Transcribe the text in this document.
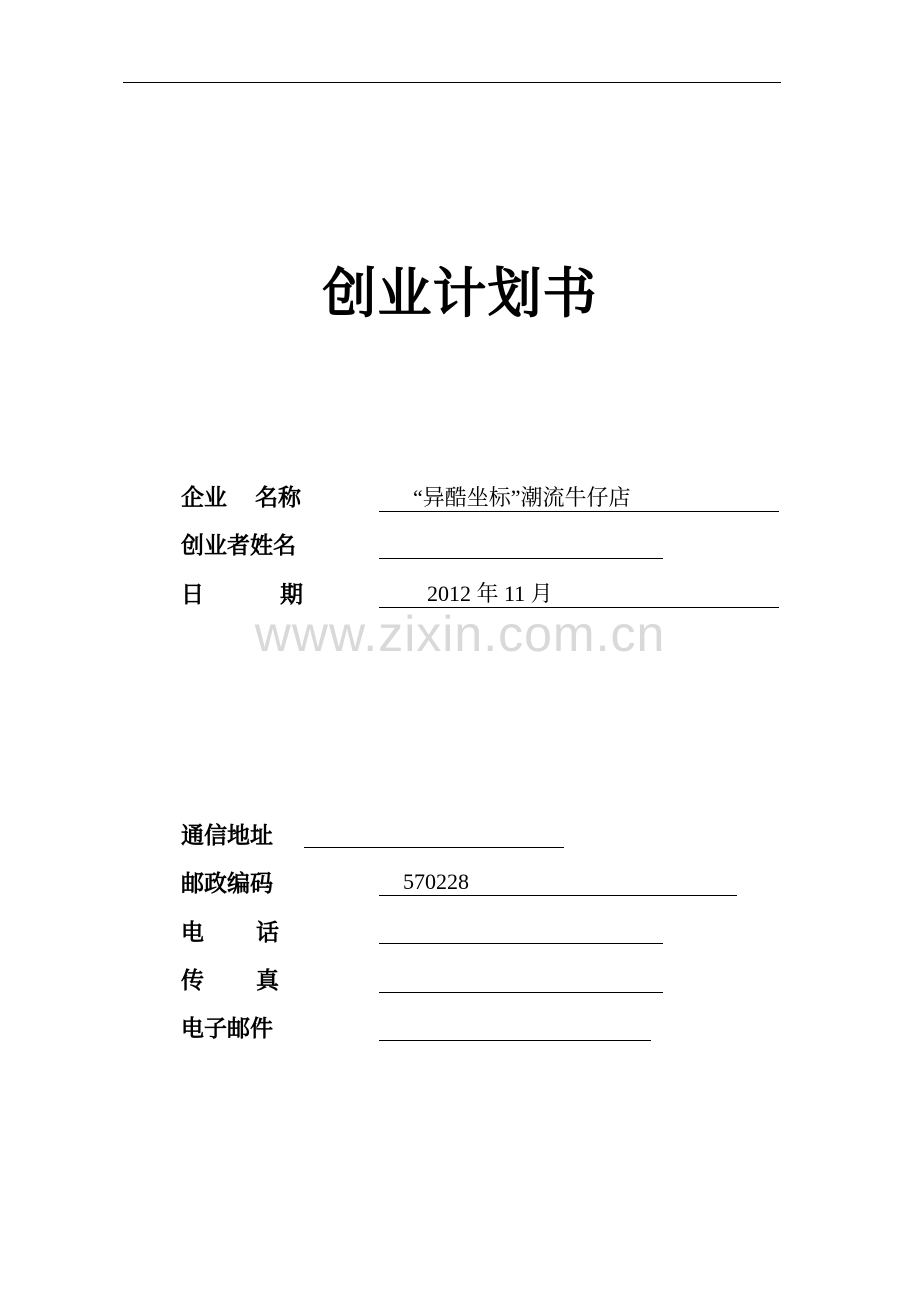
创业计划书
企业 名称	“异酷坐标”潮流牛仔店
创业者姓名
日	期	2012 年 11 月
www.zixin.com.cn
通信地址
邮政编码	570228
电 话
传 真
电子邮件
